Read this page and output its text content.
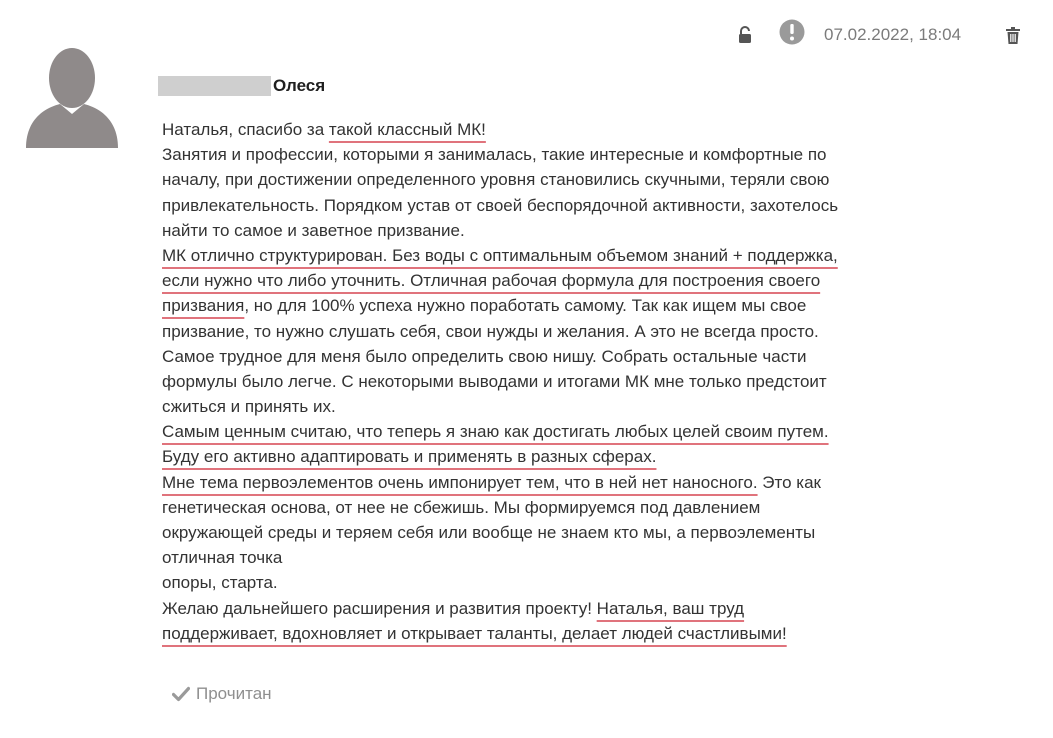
07.02.2022, 18:04
Олеся
Наталья, спасибо за такой классный МК!
Занятия и профессии, которыми я занималась, такие интересные и комфортные по
началу, при достижении определенного уровня становились скучными, теряли свою
привлекательность. Порядком устав от своей беспорядочной активности, захотелось
найти то самое и заветное призвание.
МК отлично структурирован. Без воды с оптимальным объемом знаний + поддержка,
если нужно что либо уточнить. Отличная рабочая формула для построения своего
призвания, но для 100% успеха нужно поработать самому. Так как ищем мы свое
призвание, то нужно слушать себя, свои нужды и желания. А это не всегда просто.
Самое трудное для меня было определить свою нишу. Собрать остальные части
формулы было легче. С некоторыми выводами и итогами МК мне только предстоит
сжиться и принять их.
Самым ценным считаю, что теперь я знаю как достигать любых целей своим путем.
Буду его активно адаптировать и применять в разных сферах.
Мне тема первоэлементов очень импонирует тем, что в ней нет наносного. Это как
генетическая основа, от нее не сбежишь. Мы формируемся под давлением
окружающей среды и теряем себя или вообще не знаем кто мы, а первоэлементы
отличная точка
опоры, старта.
Желаю дальнейшего расширения и развития проекту! Наталья, ваш труд
поддерживает, вдохновляет и открывает таланты, делает людей счастливыми!
Прочитан
